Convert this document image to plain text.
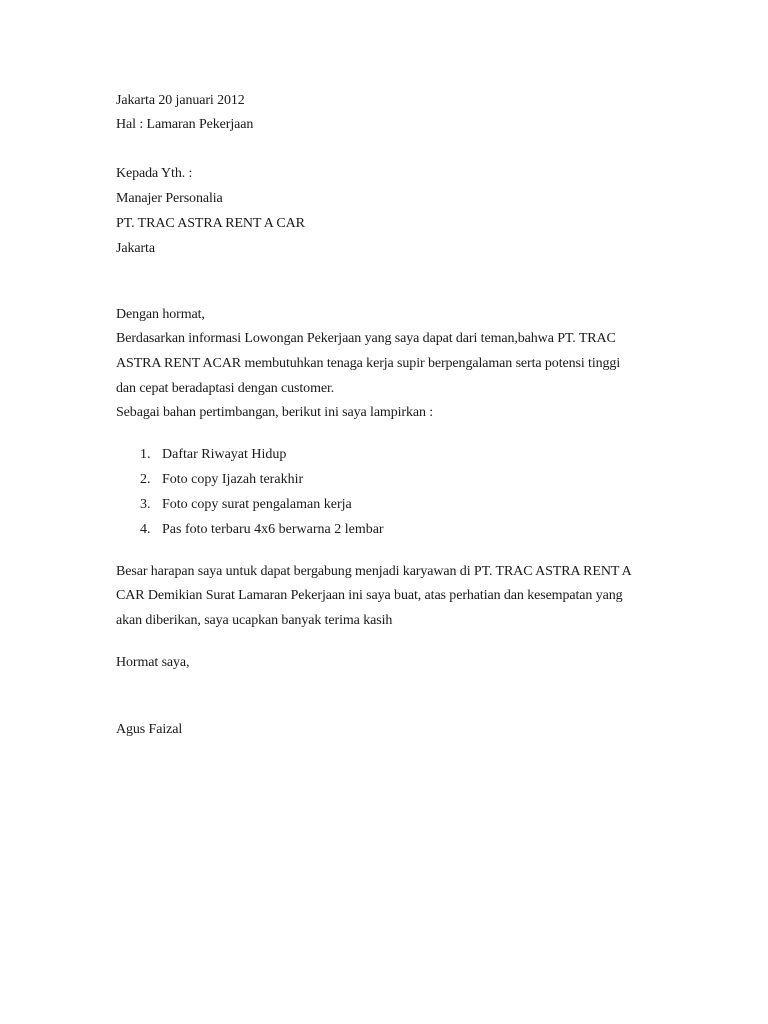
Jakarta 20 januari 2012
Hal : Lamaran Pekerjaan
Kepada Yth. :
Manajer Personalia
PT. TRAC ASTRA RENT A CAR
Jakarta
Dengan hormat,
Berdasarkan informasi Lowongan Pekerjaan yang saya dapat dari teman,bahwa PT. TRAC
ASTRA RENT ACAR membutuhkan tenaga kerja supir berpengalaman serta potensi tinggi
dan cepat beradaptasi dengan customer.
Sebagai bahan pertimbangan, berikut ini saya lampirkan :
1. Daftar Riwayat Hidup
2. Foto copy Ijazah terakhir
3. Foto copy surat pengalaman kerja
4. Pas foto terbaru 4x6 berwarna 2 lembar
Besar harapan saya untuk dapat bergabung menjadi karyawan di PT. TRAC ASTRA RENT A
CAR Demikian Surat Lamaran Pekerjaan ini saya buat, atas perhatian dan kesempatan yang
akan diberikan, saya ucapkan banyak terima kasih
Hormat saya,
Agus Faizal
